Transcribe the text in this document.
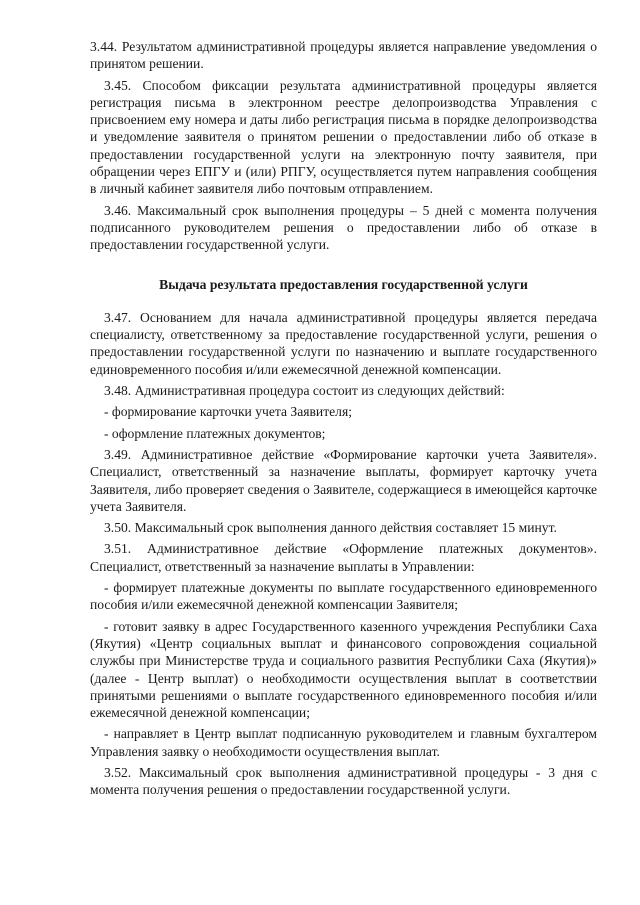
3.44. Результатом административной процедуры является направление уведомления о принятом решении.

3.45. Способом фиксации результата административной процедуры является регистрация письма в электронном реестре делопроизводства Управления с присвоением ему номера и даты либо регистрация письма в порядке делопроизводства и уведомление заявителя о принятом решении о предоставлении либо об отказе в предоставлении государственной услуги на электронную почту заявителя, при обращении через ЕПГУ и (или) РПГУ, осуществляется путем направления сообщения в личный кабинет заявителя либо почтовым отправлением.

3.46. Максимальный срок выполнения процедуры – 5 дней с момента получения подписанного руководителем решения о предоставлении либо об отказе в предоставлении государственной услуги.

Выдача результата предоставления государственной услуги

3.47. Основанием для начала административной процедуры является передача специалисту, ответственному за предоставление государственной услуги, решения о предоставлении государственной услуги по назначению и выплате государственного единовременного пособия и/или ежемесячной денежной компенсации.

3.48. Административная процедура состоит из следующих действий:

- формирование карточки учета Заявителя;

- оформление платежных документов;

3.49. Административное действие «Формирование карточки учета Заявителя». Специалист, ответственный за назначение выплаты, формирует карточку учета Заявителя, либо проверяет сведения о Заявителе, содержащиеся в имеющейся карточке учета Заявителя.

3.50. Максимальный срок выполнения данного действия составляет 15 минут.

3.51. Административное действие «Оформление платежных документов». Специалист, ответственный за назначение выплаты в Управлении:

- формирует платежные документы по выплате государственного единовременного пособия и/или ежемесячной денежной компенсации Заявителя;

- готовит заявку в адрес Государственного казенного учреждения Республики Саха (Якутия) «Центр социальных выплат и финансового сопровождения социальной службы при Министерстве труда и социального развития Республики Саха (Якутия)» (далее - Центр выплат) о необходимости осуществления выплат в соответствии принятыми решениями о выплате государственного единовременного пособия и/или ежемесячной денежной компенсации;

- направляет в Центр выплат подписанную руководителем и главным бухгалтером Управления заявку о необходимости осуществления выплат.

3.52. Максимальный срок выполнения административной процедуры - 3 дня с момента получения решения о предоставлении государственной услуги.
